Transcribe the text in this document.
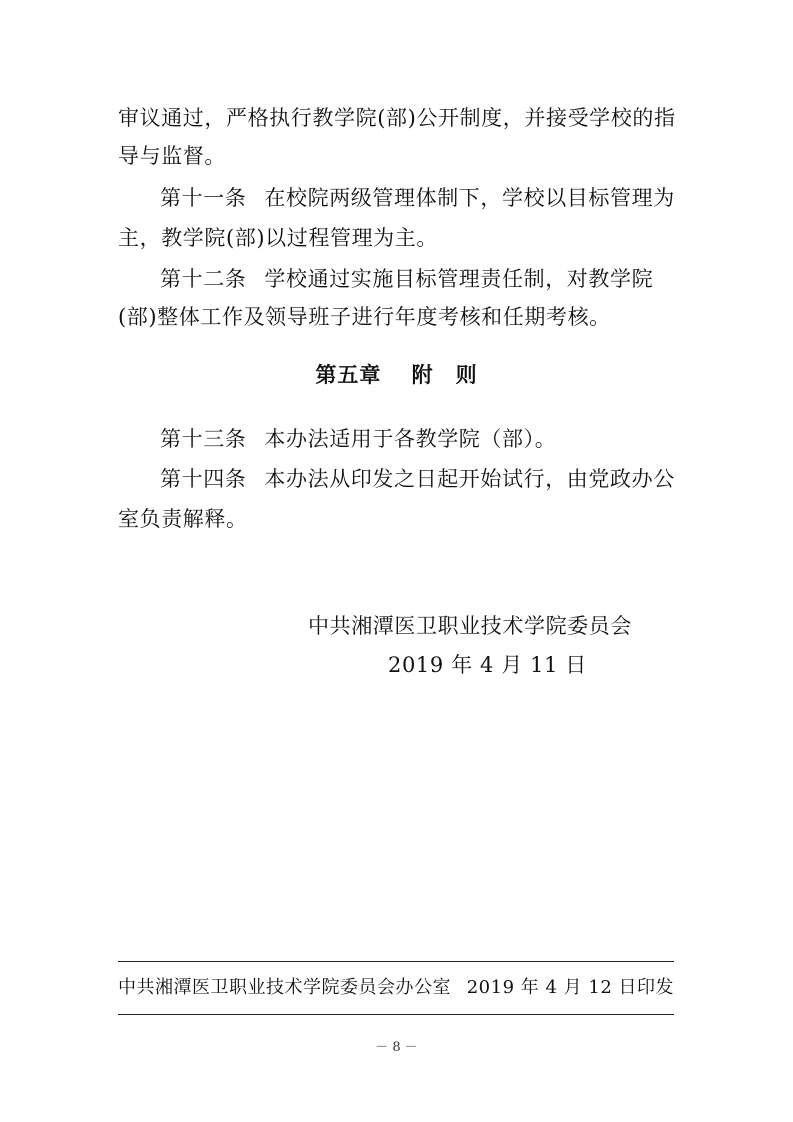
审议通过，严格执行教学院(部)公开制度，并接受学校的指
导与监督。
第十一条 在校院两级管理体制下，学校以目标管理为
主，教学院(部)以过程管理为主。
第十二条 学校通过实施目标管理责任制，对教学院
(部)整体工作及领导班子进行年度考核和任期考核。
第五章　 附　则
第十三条 本办法适用于各教学院（部）。
第十四条 本办法从印发之日起开始试行，由党政办公
室负责解释。
中共湘潭医卫职业技术学院委员会
2019 年 4 月 11 日
中共湘潭医卫职业技术学院委员会办公室 2019 年 4 月 12 日印发
－ 8 －
